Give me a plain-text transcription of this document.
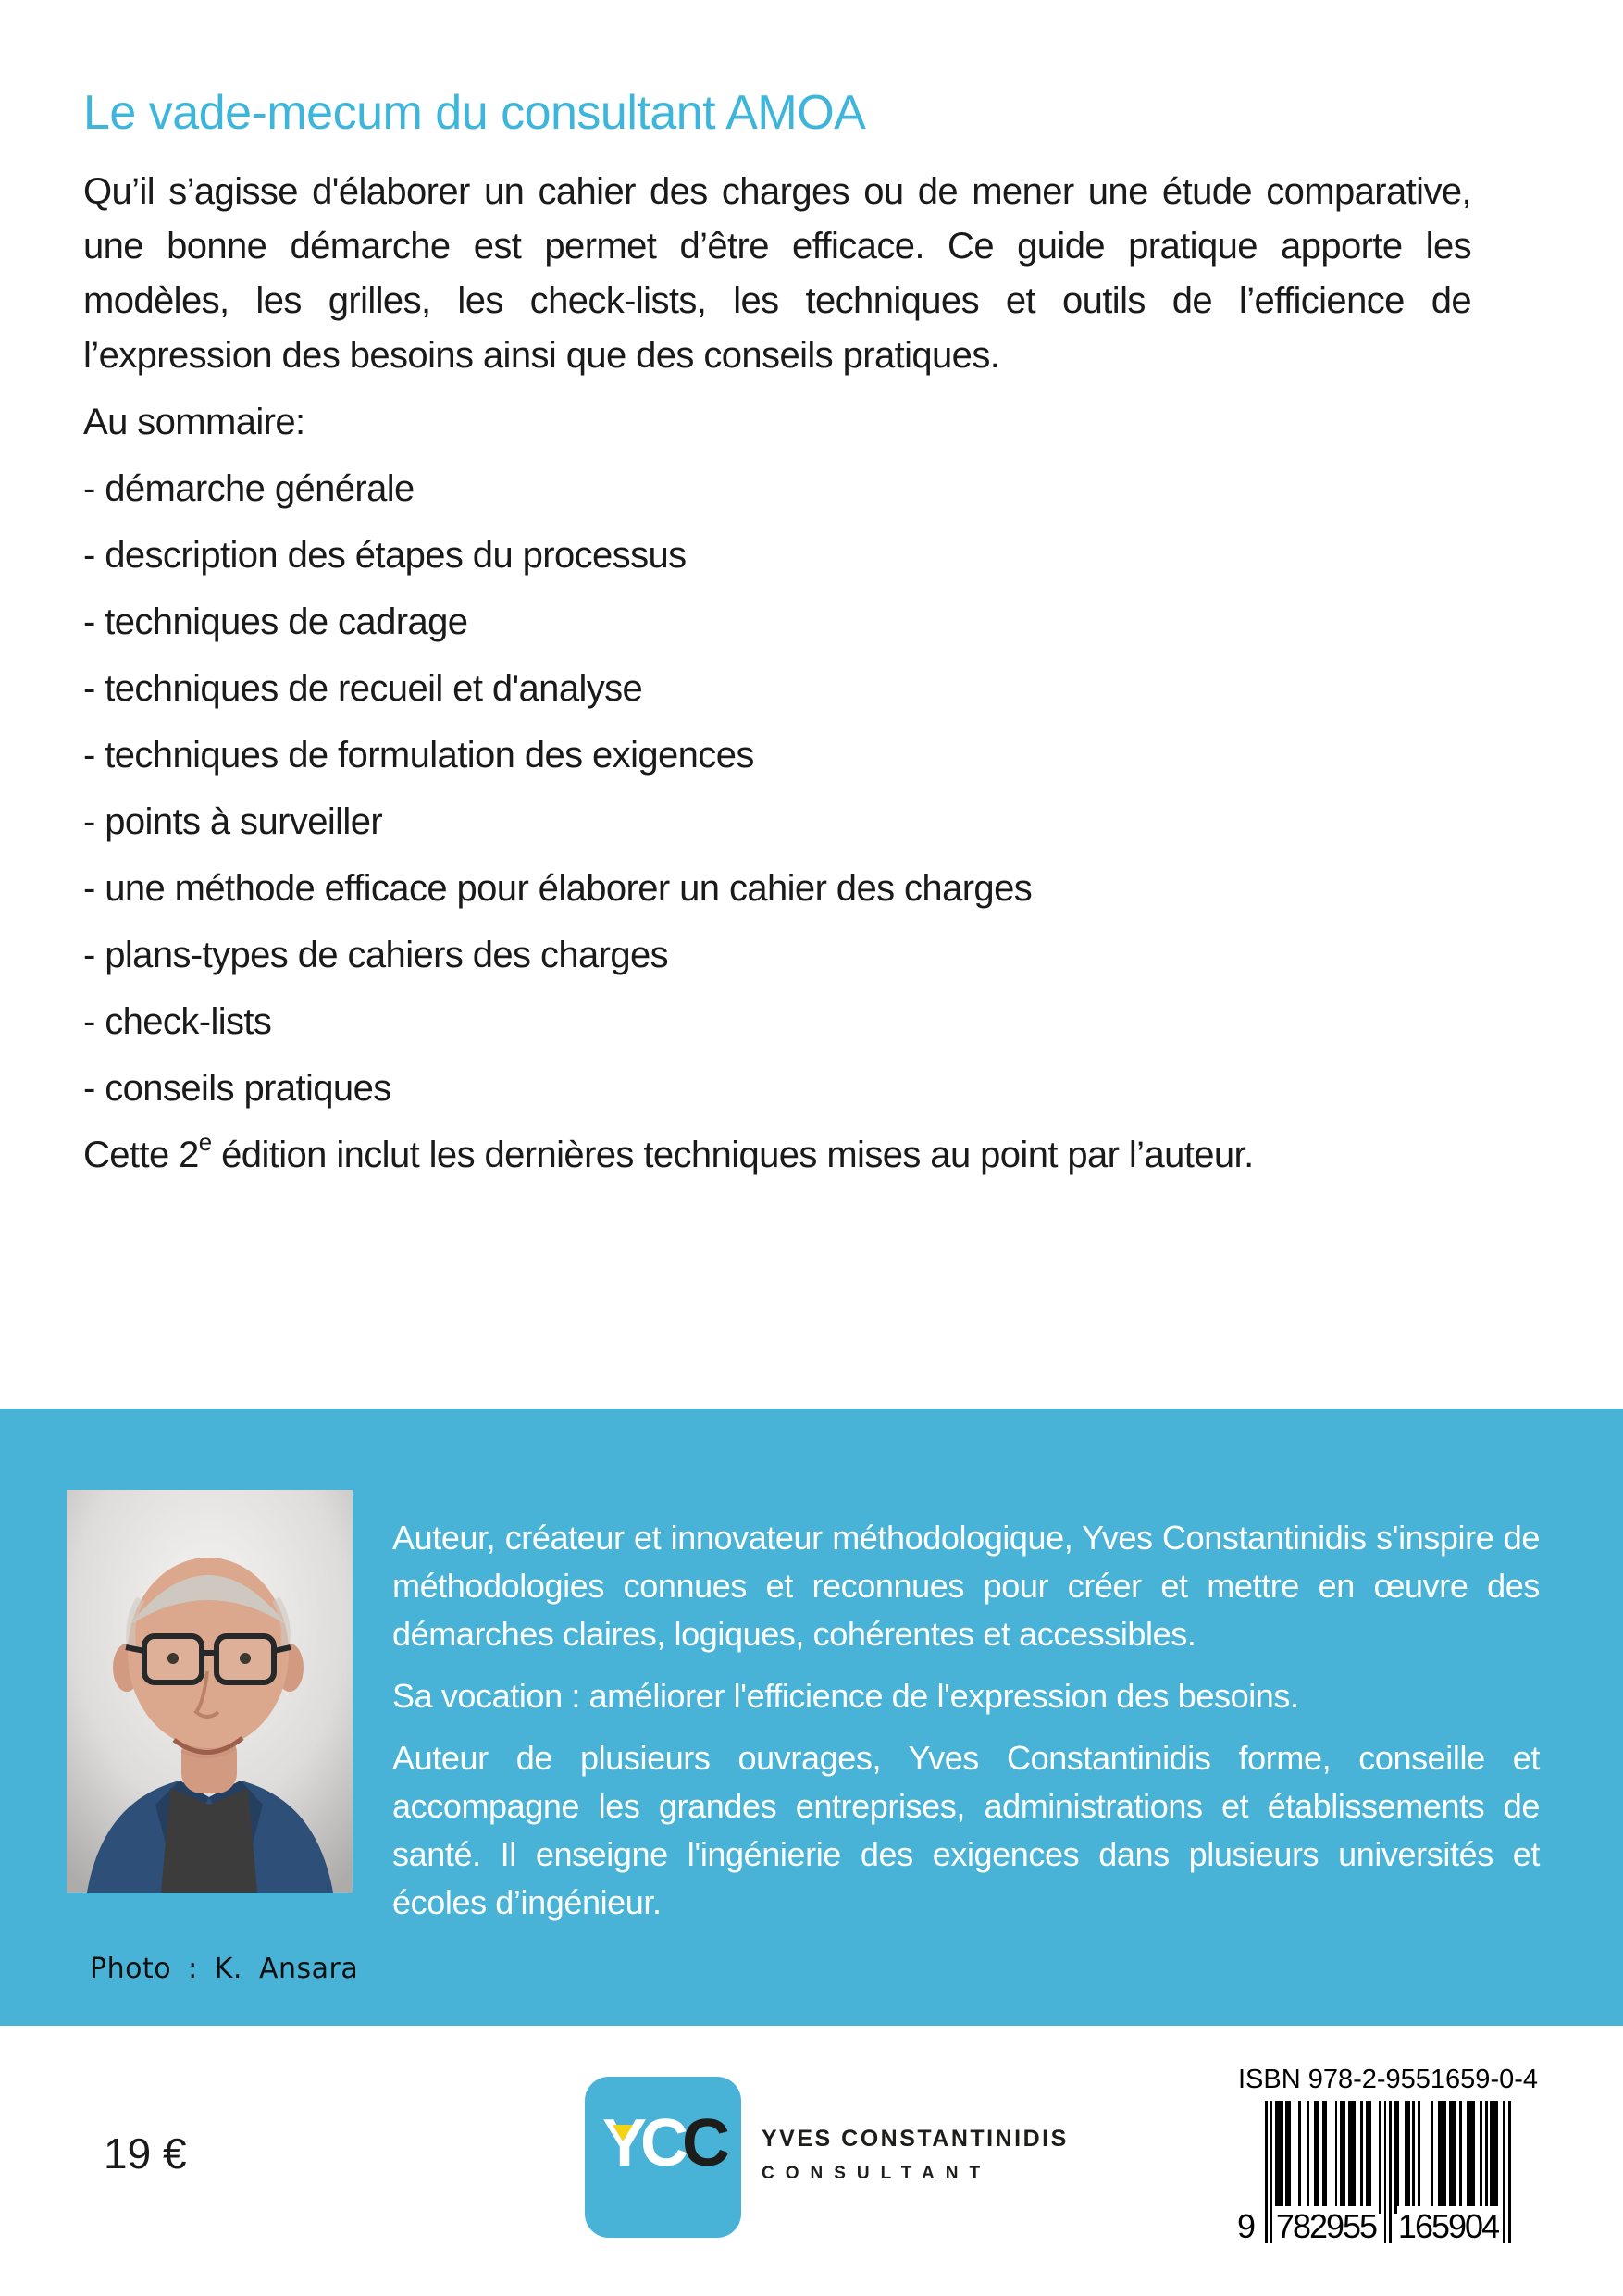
Le vade-mecum du consultant AMOA

Qu’il s’agisse d'élaborer un cahier des charges ou de mener une étude comparative, une bonne démarche est permet d’être efficace. Ce guide pratique apporte les modèles, les grilles, les check-lists, les techniques et outils de l’efficience de l’expression des besoins ainsi que des conseils pratiques.

Au sommaire:

- démarche générale

- description des étapes du processus

- techniques de cadrage

- techniques de recueil et d'analyse

- techniques de formulation des exigences

- points à surveiller

- une méthode efficace pour élaborer un cahier des charges

- plans-types de cahiers des charges

- check-lists

- conseils pratiques

Cette 2e édition inclut les dernières techniques mises au point par l’auteur.

Photo : K. Ansara

Auteur, créateur et innovateur méthodologique, Yves Constantinidis s'inspire de méthodologies connues et reconnues pour créer et mettre en œuvre des démarches claires, logiques, cohérentes et accessibles.

Sa vocation : améliorer l'efficience de l'expression des besoins.

Auteur de plusieurs ouvrages, Yves Constantinidis forme, conseille et accompagne les grandes entreprises, administrations et établissements de santé. Il enseigne l'ingénierie des exigences dans plusieurs universités et écoles d’ingénieur.

19 €	YCC	YVES CONSTANTINIDIS
CONSULTANT
ISBN 978-2-9551659-0-4
9 782955 165904
